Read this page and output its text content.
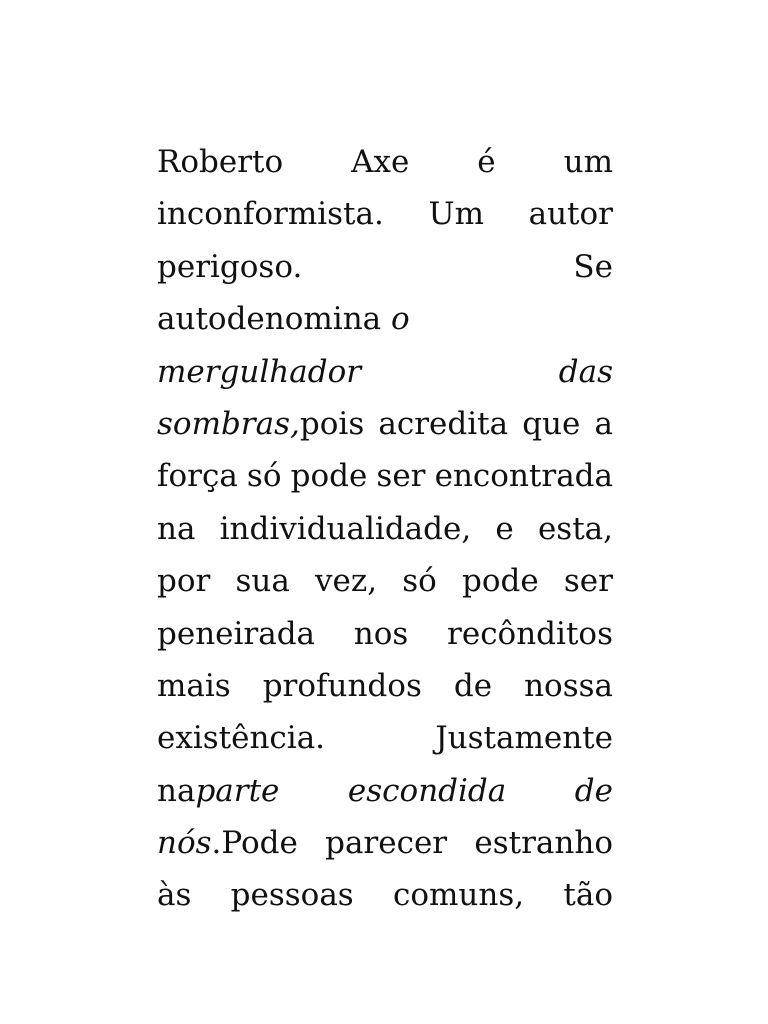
Roberto Axe é um
inconformista. Um autor
perigoso.	Se
autodenomina o
mergulhador	das
sombras,pois acredita que a
força só pode ser encontrada
na individualidade, e esta,
por sua vez, só pode ser
peneirada nos recônditos
mais profundos de nossa
existência.	Justamente
naparte escondida de
nós.Pode parecer estranho
às pessoas comuns, tão
